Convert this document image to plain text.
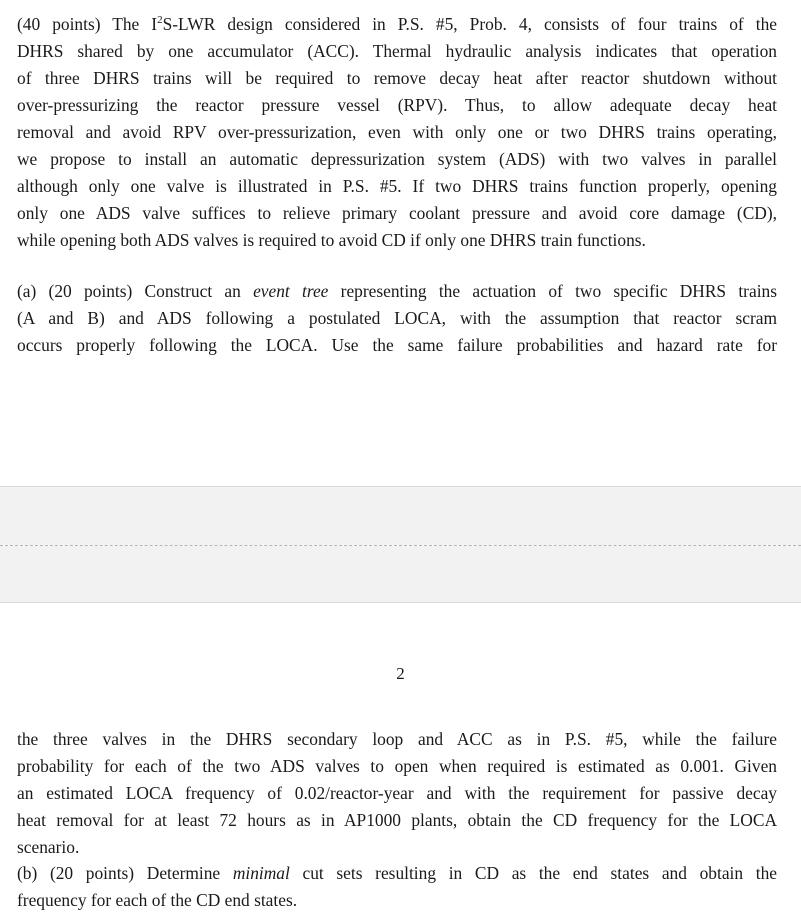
(40 points) The $I^2S$-LWR design considered in P.S. #5, Prob. 4, consists of four trains of the
DHRS shared by one accumulator (ACC). Thermal hydraulic analysis indicates that operation
of three DHRS trains will be required to remove decay heat after reactor shutdown without
over-pressurizing the reactor pressure vessel (RPV). Thus, to allow adequate decay heat
removal and avoid RPV over-pressurization, even with only one or two DHRS trains operating,
we propose to install an automatic depressurization system (ADS) with two valves in parallel
although only one valve is illustrated in P.S. #5. If two DHRS trains function properly, opening
only one ADS valve suffices to relieve primary coolant pressure and avoid core damage (CD),
while opening both ADS valves is required to avoid CD if only one DHRS train functions.
(a) (20 points) Construct an event tree representing the actuation of two specific DHRS trains
(A and B) and ADS following a postulated LOCA, with the assumption that reactor scram
occurs properly following the LOCA. Use the same failure probabilities and hazard rate for
2
the three valves in the DHRS secondary loop and ACC as in P.S. #5, while the failure
probability for each of the two ADS valves to open when required is estimated as 0.001. Given
an estimated LOCA frequency of 0.02/reactor-year and with the requirement for passive decay
heat removal for at least 72 hours as in AP1000 plants, obtain the CD frequency for the LOCA
scenario.
(b) (20 points) Determine minimal cut sets resulting in CD as the end states and obtain the
frequency for each of the CD end states.
